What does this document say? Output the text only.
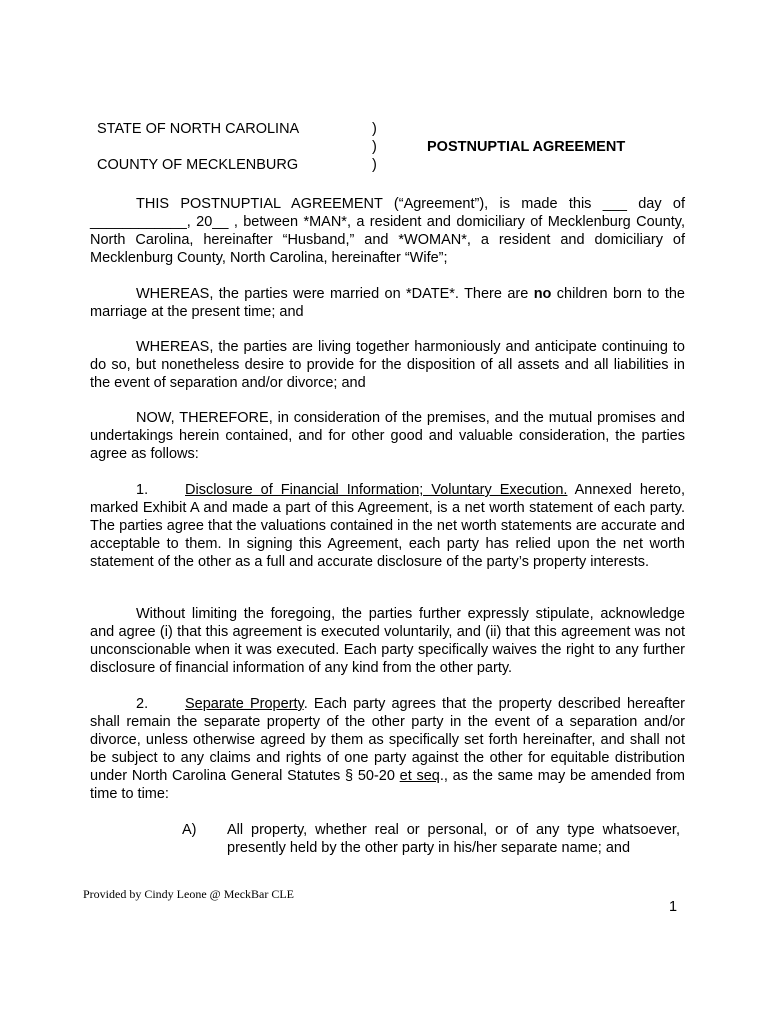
STATE OF NORTH CAROLINA	)
)	POSTNUPTIAL AGREEMENT
COUNTY OF MECKLENBURG	)

THIS POSTNUPTIAL AGREEMENT (“Agreement”), is made this ___ day of ____________, 20__ , between *MAN*, a resident and domiciliary of Mecklenburg County, North Carolina, hereinafter “Husband,” and *WOMAN*, a resident and domiciliary of Mecklenburg County, North Carolina, hereinafter “Wife”;

WHEREAS, the parties were married on *DATE*. There are no children born to the marriage at the present time; and

WHEREAS, the parties are living together harmoniously and anticipate continuing to do so, but nonetheless desire to provide for the disposition of all assets and all liabilities in the event of separation and/or divorce; and

NOW, THEREFORE, in consideration of the premises, and the mutual promises and undertakings herein contained, and for other good and valuable consideration, the parties agree as follows:

1.	Disclosure of Financial Information; Voluntary Execution. Annexed hereto, marked Exhibit A and made a part of this Agreement, is a net worth statement of each party. The parties agree that the valuations contained in the net worth statements are accurate and acceptable to them. In signing this Agreement, each party has relied upon the net worth statement of the other as a full and accurate disclosure of the party’s property interests.

Without limiting the foregoing, the parties further expressly stipulate, acknowledge and agree (i) that this agreement is executed voluntarily, and (ii) that this agreement was not unconscionable when it was executed. Each party specifically waives the right to any further disclosure of financial information of any kind from the other party.

2.	Separate Property. Each party agrees that the property described hereafter shall remain the separate property of the other party in the event of a separation and/or divorce, unless otherwise agreed by them as specifically set forth hereinafter, and shall not be subject to any claims and rights of one party against the other for equitable distribution under North Carolina General Statutes § 50-20 et seq., as the same may be amended from time to time:

A) All property, whether real or personal, or of any type whatsoever, presently held by the other party in his/her separate name; and

Provided by Cindy Leone @ MeckBar CLE
1
